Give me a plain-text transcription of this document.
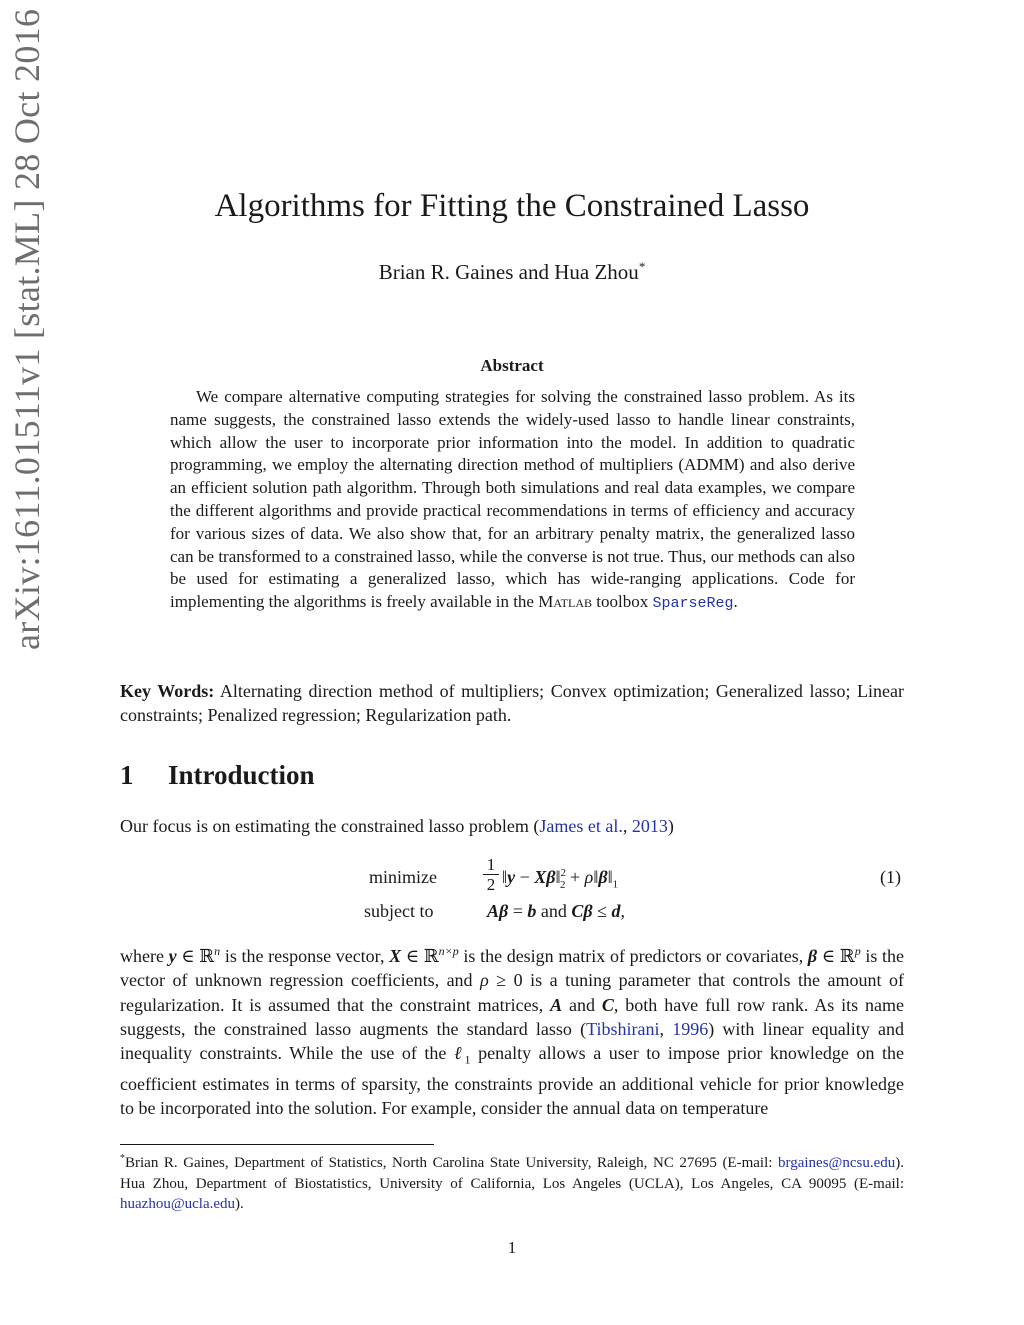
arXiv:1611.01511v1 [stat.ML] 28 Oct 2016	Algorithms for Fitting the Constrained Lasso
Brian R. Gaines and Hua Zhou*
Abstract
We compare alternative computing strategies for solving the constrained lasso problem. As its name suggests, the constrained lasso extends the widely-used lasso to handle linear constraints, which allow the user to incorporate prior information into the model. In addition to quadratic programming, we employ the alternating direction method of multipliers (ADMM) and also derive an efficient solution path algorithm. Through both simulations and real data examples, we compare the different algorithms and provide practical recommendations in terms of efficiency and accuracy for various sizes of data. We also show that, for an arbitrary penalty matrix, the generalized lasso can be transformed to a constrained lasso, while the converse is not true. Thus, our methods can also be used for estimating a generalized lasso, which has wide-ranging applications. Code for implementing the algorithms is freely available in the Matlab toolbox SparseReg.
Key Words: Alternating direction method of multipliers; Convex optimization; Generalized lasso; Linear constraints; Penalized regression; Regularization path.
1 Introduction
Our focus is on estimating the constrained lasso problem (James et al., 2013)
minimize	$\frac{1}{2}$ ‖y − Xβ‖$^2_2$ + $\rho‖\beta‖_1$	(1)
subject to	Aβ = b and Cβ ≤ d,
where y ∈ ℝ$^n$ is the response vector, X ∈ ℝ$^{n\times p}$ is the design matrix of predictors or covariates, β ∈ ℝ$^p$ is the vector of unknown regression coefficients, and ρ ≥ 0 is a tuning parameter that controls the amount of regularization. It is assumed that the constraint matrices, A and C, both have full row rank. As its name suggests, the constrained lasso augments the standard lasso (Tibshirani, 1996) with linear equality and inequality constraints. While the use of the ℓ$_1$ penalty allows a user to impose prior knowledge on the coefficient estimates in terms of sparsity, the constraints provide an additional vehicle for prior knowledge to be incorporated into the solution. For example, consider the annual data on temperature
*Brian R. Gaines, Department of Statistics, North Carolina State University, Raleigh, NC 27695 (E-mail: brgaines@ncsu.edu). Hua Zhou, Department of Biostatistics, University of California, Los Angeles (UCLA), Los Angeles, CA 90095 (E-mail: huazhou@ucla.edu).
1
